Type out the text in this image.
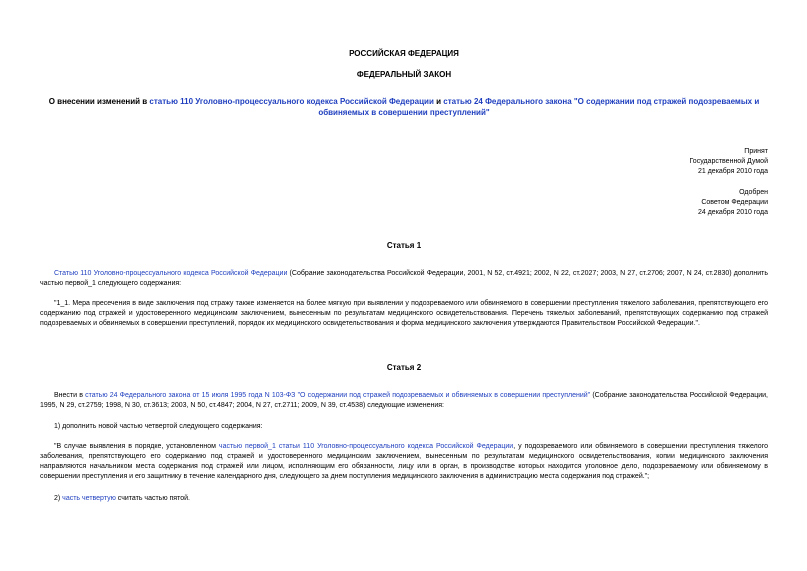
РОССИЙСКАЯ ФЕДЕРАЦИЯ
ФЕДЕРАЛЬНЫЙ ЗАКОН
О внесении изменений в статью 110 Уголовно-процессуального кодекса Российской Федерации и статью 24 Федерального закона "О содержании под стражей подозреваемых и обвиняемых в совершении преступлений"
Принят
Государственной Думой
21 декабря 2010 года
Одобрен
Советом Федерации
24 декабря 2010 года
Статья 1
Статью 110 Уголовно-процессуального кодекса Российской Федерации (Собрание законодательства Российской Федерации, 2001, N 52, ст.4921; 2002, N 22, ст.2027; 2003, N 27, ст.2706; 2007, N 24, ст.2830) дополнить частью первой_1 следующего содержания:
"1_1. Мера пресечения в виде заключения под стражу также изменяется на более мягкую при выявлении у подозреваемого или обвиняемого в совершении преступления тяжелого заболевания, препятствующего его содержанию под стражей и удостоверенного медицинским заключением, вынесенным по результатам медицинского освидетельствования. Перечень тяжелых заболеваний, препятствующих содержанию под стражей подозреваемых и обвиняемых в совершении преступлений, порядок их медицинского освидетельствования и форма медицинского заключения утверждаются Правительством Российской Федерации.".
Статья 2
Внести в статью 24 Федерального закона от 15 июля 1995 года N 103-ФЗ "О содержании под стражей подозреваемых и обвиняемых в совершении преступлений" (Собрание законодательства Российской Федерации, 1995, N 29, ст.2759; 1998, N 30, ст.3613; 2003, N 50, ст.4847; 2004, N 27, ст.2711; 2009, N 39, ст.4538) следующие изменения:
1) дополнить новой частью четвертой следующего содержания:
"В случае выявления в порядке, установленном частью первой_1 статьи 110 Уголовно-процессуального кодекса Российской Федерации, у подозреваемого или обвиняемого в совершении преступления тяжелого заболевания, препятствующего его содержанию под стражей и удостоверенного медицинским заключением, вынесенным по результатам медицинского освидетельствования, копии медицинского заключения направляются начальником места содержания под стражей или лицом, исполняющим его обязанности, лицу или в орган, в производстве которых находится уголовное дело, подозреваемому или обвиняемому в совершении преступления и его защитнику в течение календарного дня, следующего за днем поступления медицинского заключения в администрацию места содержания под стражей.";
2) часть четвертую считать частью пятой.
